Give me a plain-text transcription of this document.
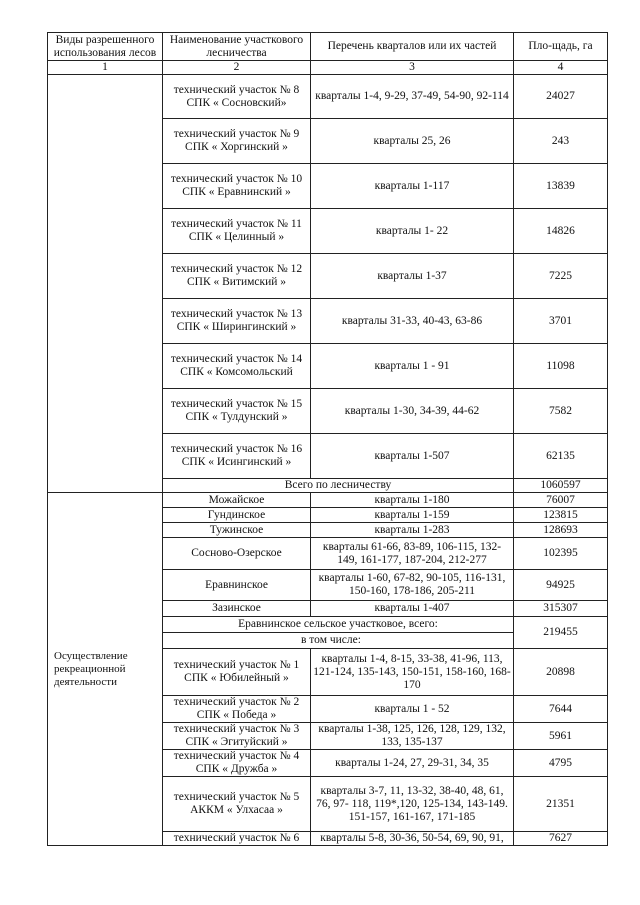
Виды разрешенного использования лесов	Наименование участкового лесничества	Перечень кварталов или их частей	Пло-щадь, га
1	2	3	4
	технический участок № 8 СПК « Сосновский»	кварталы 1-4, 9-29, 37-49, 54-90, 92-114	24027
	технический участок № 9 СПК « Хоргинский »	кварталы 25, 26	243
	технический участок № 10 СПК « Еравнинский »	кварталы 1-117	13839
	технический участок № 11 СПК « Целинный »	кварталы 1- 22	14826
	технический участок № 12 СПК « Витимский »	кварталы 1-37	7225
	технический участок № 13 СПК « Ширингинский »	кварталы 31-33, 40-43, 63-86	3701
	технический участок № 14 СПК « Комсомольский	кварталы 1 - 91	11098
	технический участок № 15 СПК « Тулдунский »	кварталы 1-30, 34-39, 44-62	7582
	технический участок № 16 СПК « Исингинский »	кварталы 1-507	62135
	Всего по лесничеству		1060597

Осуществление рекреационной деятельности	Можайское	кварталы 1-180	76007
	Гундинское	кварталы 1-159	123815
	Тужинское	кварталы 1-283	128693
	Сосново-Озерское	кварталы 61-66, 83-89, 106-115, 132-149, 161-177, 187-204, 212-277	102395
	Еравнинское	кварталы 1-60, 67-82, 90-105, 116-131, 150-160, 178-186, 205-211	94925
	Зазинское	кварталы 1-407	315307
	Еравнинское сельское участковое, всего:		219455
	в том числе:		
	технический участок № 1 СПК « Юбилейный »	кварталы 1-4, 8-15, 33-38, 41-96, 113, 121-124, 135-143, 150-151, 158-160, 168-170	20898
	технический участок № 2 СПК « Победа »	кварталы 1 - 52	7644
	технический участок № 3 СПК « Эгитуйский »	кварталы 1-38, 125, 126, 128, 129, 132, 133, 135-137	5961
	технический участок № 4 СПК « Дружба »	кварталы 1-24, 27, 29-31, 34, 35	4795
	технический участок № 5 АККМ « Улхасаа »	кварталы 3-7, 11, 13-32, 38-40, 48, 61, 76, 97- 118, 119*,120, 125-134, 143-149. 151-157, 161-167, 171-185	21351
	технический участок № 6	кварталы 5-8, 30-36, 50-54, 69, 90, 91,	7627
